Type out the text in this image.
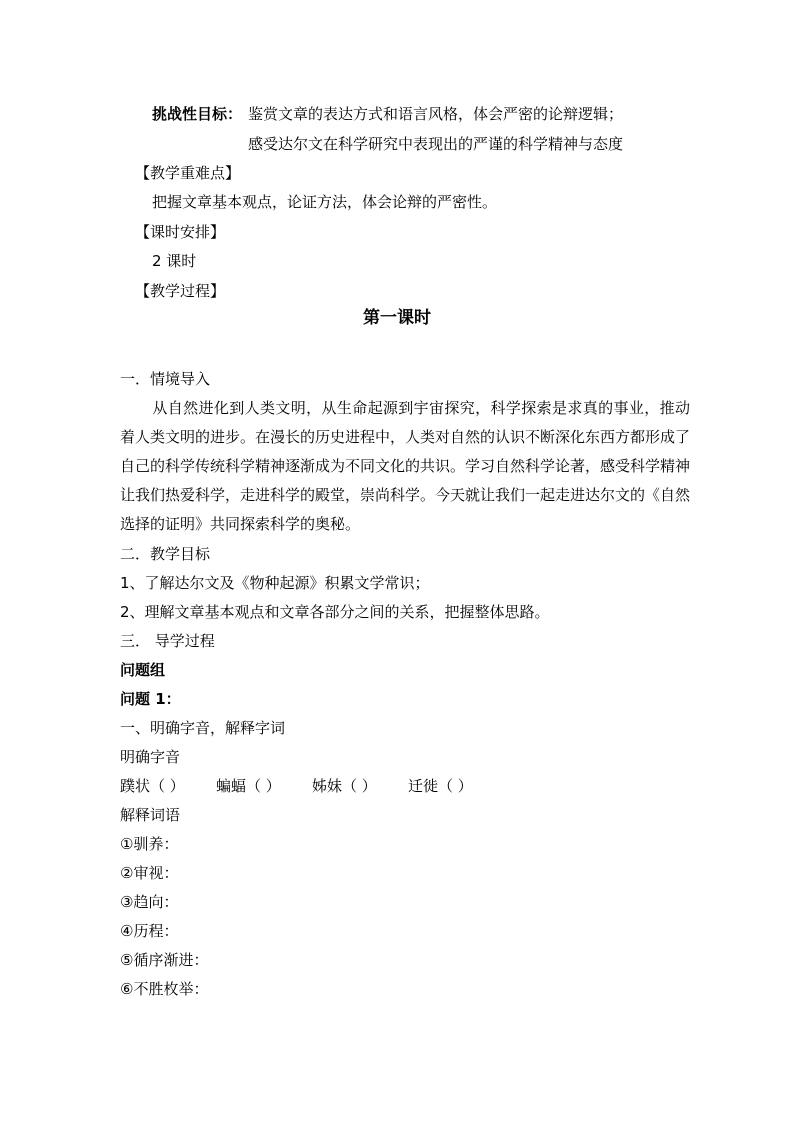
挑战性目标： 鉴赏文章的表达方式和语言风格，体会严密的论辩逻辑；
感受达尔文在科学研究中表现出的严谨的科学精神与态度
【教学重难点】
把握文章基本观点，论证方法，体会论辩的严密性。
【课时安排】
2 课时
【教学过程】
第一课时
一．情境导入
从自然进化到人类文明，从生命起源到宇宙探究，科学探索是求真的事业，推动着人类文明的进步。在漫长的历史进程中，人类对自然的认识不断深化东西方都形成了自己的科学传统科学精神逐渐成为不同文化的共识。学习自然科学论著，感受科学精神让我们热爱科学，走进科学的殿堂，崇尚科学。今天就让我们一起走进达尔文的《自然选择的证明》共同探索科学的奥秘。
二．教学目标
1、了解达尔文及《物种起源》积累文学常识；
2、理解文章基本观点和文章各部分之间的关系，把握整体思路。
三． 导学过程
问题组
问题 1：
一、明确字音，解释字词
明确字音
蹼状（ ） 蝙蝠（ ） 姊妹（ ） 迁徙（ ）
解释词语
①驯养：
②审视：
③趋向：
④历程：
⑤循序渐进：
⑥不胜枚举：
